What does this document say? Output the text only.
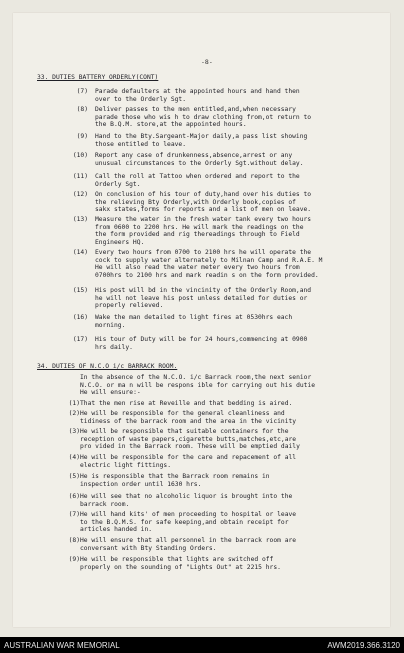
-8-
33. DUTIES BATTERY ORDERLY(CONT)
(7) Parade defaulters at the appointed hours and hand then
over to the Orderly Sgt.
(8) Deliver passes to the men entitled,and,when necessary
parade those who wis h to draw clothing from,ot return to
the B.Q.M. store,at the appointed hours.
(9) Hand to the Bty.Sargeant-Major daily,a pass list showing
those entitled to leave.
(10) Report any case of drunkenness,absence,arrest or any
unusual circumstances to the Orderly Sgt.without delay.
(11) Call the roll at Tattoo when ordered and report to the
Orderly Sgt.
(12) On conclusion of his tour of duty,hand over his duties to
the relieving Bty Orderly,with Orderly book,copies of
sakx states,forms for reports and a list of men on leave.
(13) Measure the water in the fresh water tank every two hours
from 0600 to 2200 hrs. He will mark the readings on the
the form provided and rig thereadings through to Field
Engineers HQ.
(14) Every two hours from 0700 to 2100 hrs he will operate the
cock to supply water alternately to Milnan Camp and R.A.E. M
He will also read the water meter every two hours from
0700hrs to 2100 hrs and mark readin s on the form provided.
(15) His post will bd in the vincinity of the Orderly Room,and
he will not leave his post unless detailed for duties or
properly relieved.
(16) Wake the man detailed to light fires at 0530hrs each
morning.
(17) His tour of Duty will be for 24 hours,commencing at 0900
hrs daily.
34. DUTIES OF N.C.O i/c BARRACK ROOM.
In the absence of the N.C.O. i/c Barrack room,the next senior
N.C.O. or ma n will be respons ible for carrying out his dutie
He will ensure:-
(1) That the men rise at Reveille and that bedding is aired.
(2) He will be responsible for the general cleanliness and
tidiness of the barrack room and the area in the vicinity
(3) He will be responsible that suitable containers for the
reception of waste papers,cigarette butts,matches,etc,are
pro vided in the Barrack room. These will be emptied daily
(4) He will be responsible for the care and repacement of all
electric light fittings.
(5) He is responsible that the Barrack room remains in
inspection order until 1630 hrs.
(6) He will see that no alcoholic liquor is brought into the
barrack room.
(7) He will hand kits' of men proceeding to hospital or leave
to the B.Q.M.S. for safe keeping,and obtain receipt for
articles handed in.
(8) He will ensure that all personnel in the barrack room are
conversant with Bty Standing Orders.
(9) He will be responsible that lights are switched off
properly on the sounding of "Lights Out" at 2215 hrs.
AUSTRALIAN WAR MEMORIAL	AWM2019.366.3120
